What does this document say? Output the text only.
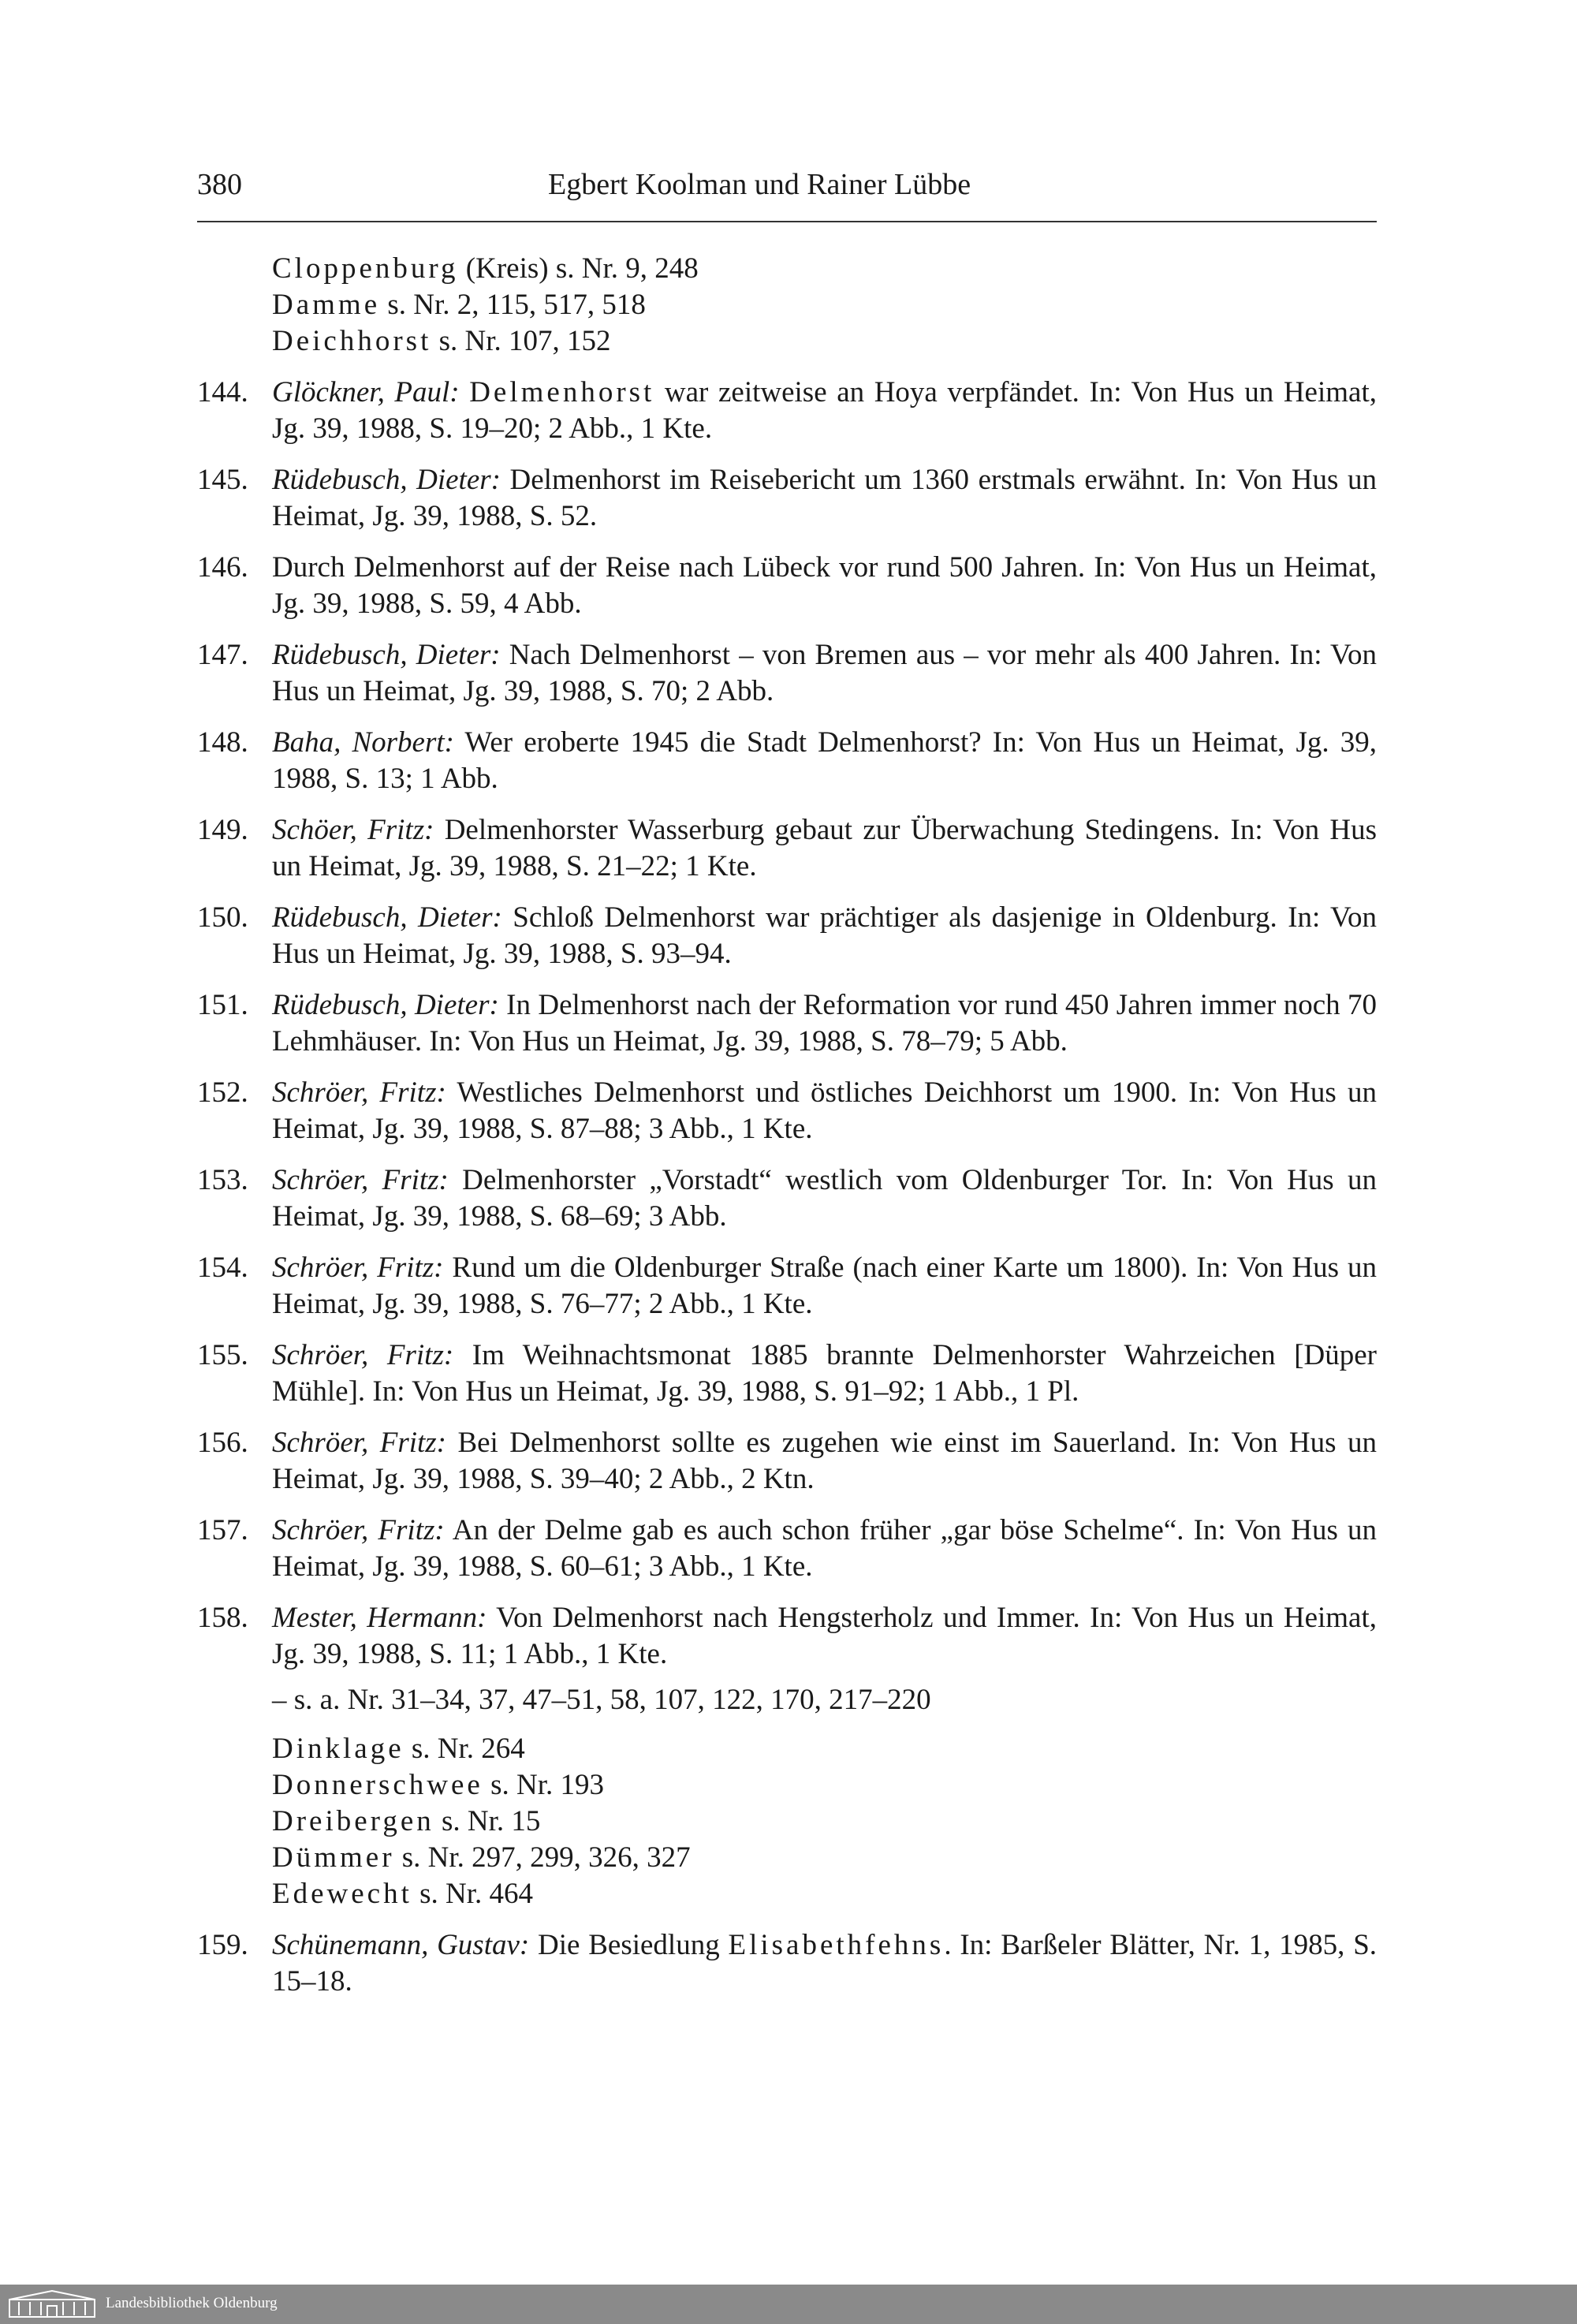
380	Egbert Koolman und Rainer Lübbe
Cloppenburg (Kreis) s. Nr. 9, 248
Damme s. Nr. 2, 115, 517, 518
Deichhorst s. Nr. 107, 152
144. Glöckner, Paul: Delmenhorst war zeitweise an Hoya verpfändet. In: Von Hus un Heimat, Jg. 39, 1988, S. 19–20; 2 Abb., 1 Kte.
145. Rüdebusch, Dieter: Delmenhorst im Reisebericht um 1360 erstmals erwähnt. In: Von Hus un Heimat, Jg. 39, 1988, S. 52.
146. Durch Delmenhorst auf der Reise nach Lübeck vor rund 500 Jahren. In: Von Hus un Heimat, Jg. 39, 1988, S. 59, 4 Abb.
147. Rüdebusch, Dieter: Nach Delmenhorst – von Bremen aus – vor mehr als 400 Jahren. In: Von Hus un Heimat, Jg. 39, 1988, S. 70; 2 Abb.
148. Baha, Norbert: Wer eroberte 1945 die Stadt Delmenhorst? In: Von Hus un Heimat, Jg. 39, 1988, S. 13; 1 Abb.
149. Schöer, Fritz: Delmenhorster Wasserburg gebaut zur Überwachung Stedingens. In: Von Hus un Heimat, Jg. 39, 1988, S. 21–22; 1 Kte.
150. Rüdebusch, Dieter: Schloß Delmenhorst war prächtiger als dasjenige in Oldenburg. In: Von Hus un Heimat, Jg. 39, 1988, S. 93–94.
151. Rüdebusch, Dieter: In Delmenhorst nach der Reformation vor rund 450 Jahren immer noch 70 Lehmhäuser. In: Von Hus un Heimat, Jg. 39, 1988, S. 78–79; 5 Abb.
152. Schröer, Fritz: Westliches Delmenhorst und östliches Deichhorst um 1900. In: Von Hus un Heimat, Jg. 39, 1988, S. 87–88; 3 Abb., 1 Kte.
153. Schröer, Fritz: Delmenhorster „Vorstadt“ westlich vom Oldenburger Tor. In: Von Hus un Heimat, Jg. 39, 1988, S. 68–69; 3 Abb.
154. Schröer, Fritz: Rund um die Oldenburger Straße (nach einer Karte um 1800). In: Von Hus un Heimat, Jg. 39, 1988, S. 76–77; 2 Abb., 1 Kte.
155. Schröer, Fritz: Im Weihnachtsmonat 1885 brannte Delmenhorster Wahrzeichen [Düper Mühle]. In: Von Hus un Heimat, Jg. 39, 1988, S. 91–92; 1 Abb., 1 Pl.
156. Schröer, Fritz: Bei Delmenhorst sollte es zugehen wie einst im Sauerland. In: Von Hus un Heimat, Jg. 39, 1988, S. 39–40; 2 Abb., 2 Ktn.
157. Schröer, Fritz: An der Delme gab es auch schon früher „gar böse Schelme“. In: Von Hus un Heimat, Jg. 39, 1988, S. 60–61; 3 Abb., 1 Kte.
158. Mester, Hermann: Von Delmenhorst nach Hengsterholz und Immer. In: Von Hus un Heimat, Jg. 39, 1988, S. 11; 1 Abb., 1 Kte.
– s. a. Nr. 31–34, 37, 47–51, 58, 107, 122, 170, 217–220
Dinklage s. Nr. 264
Donnerschwee s. Nr. 193
Dreibergen s. Nr. 15
Dümmer s. Nr. 297, 299, 326, 327
Edewecht s. Nr. 464
159. Schünemann, Gustav: Die Besiedlung Elisabethfehns. In: Barßeler Blätter, Nr. 1, 1985, S. 15–18.
Landesbibliothek Oldenburg
